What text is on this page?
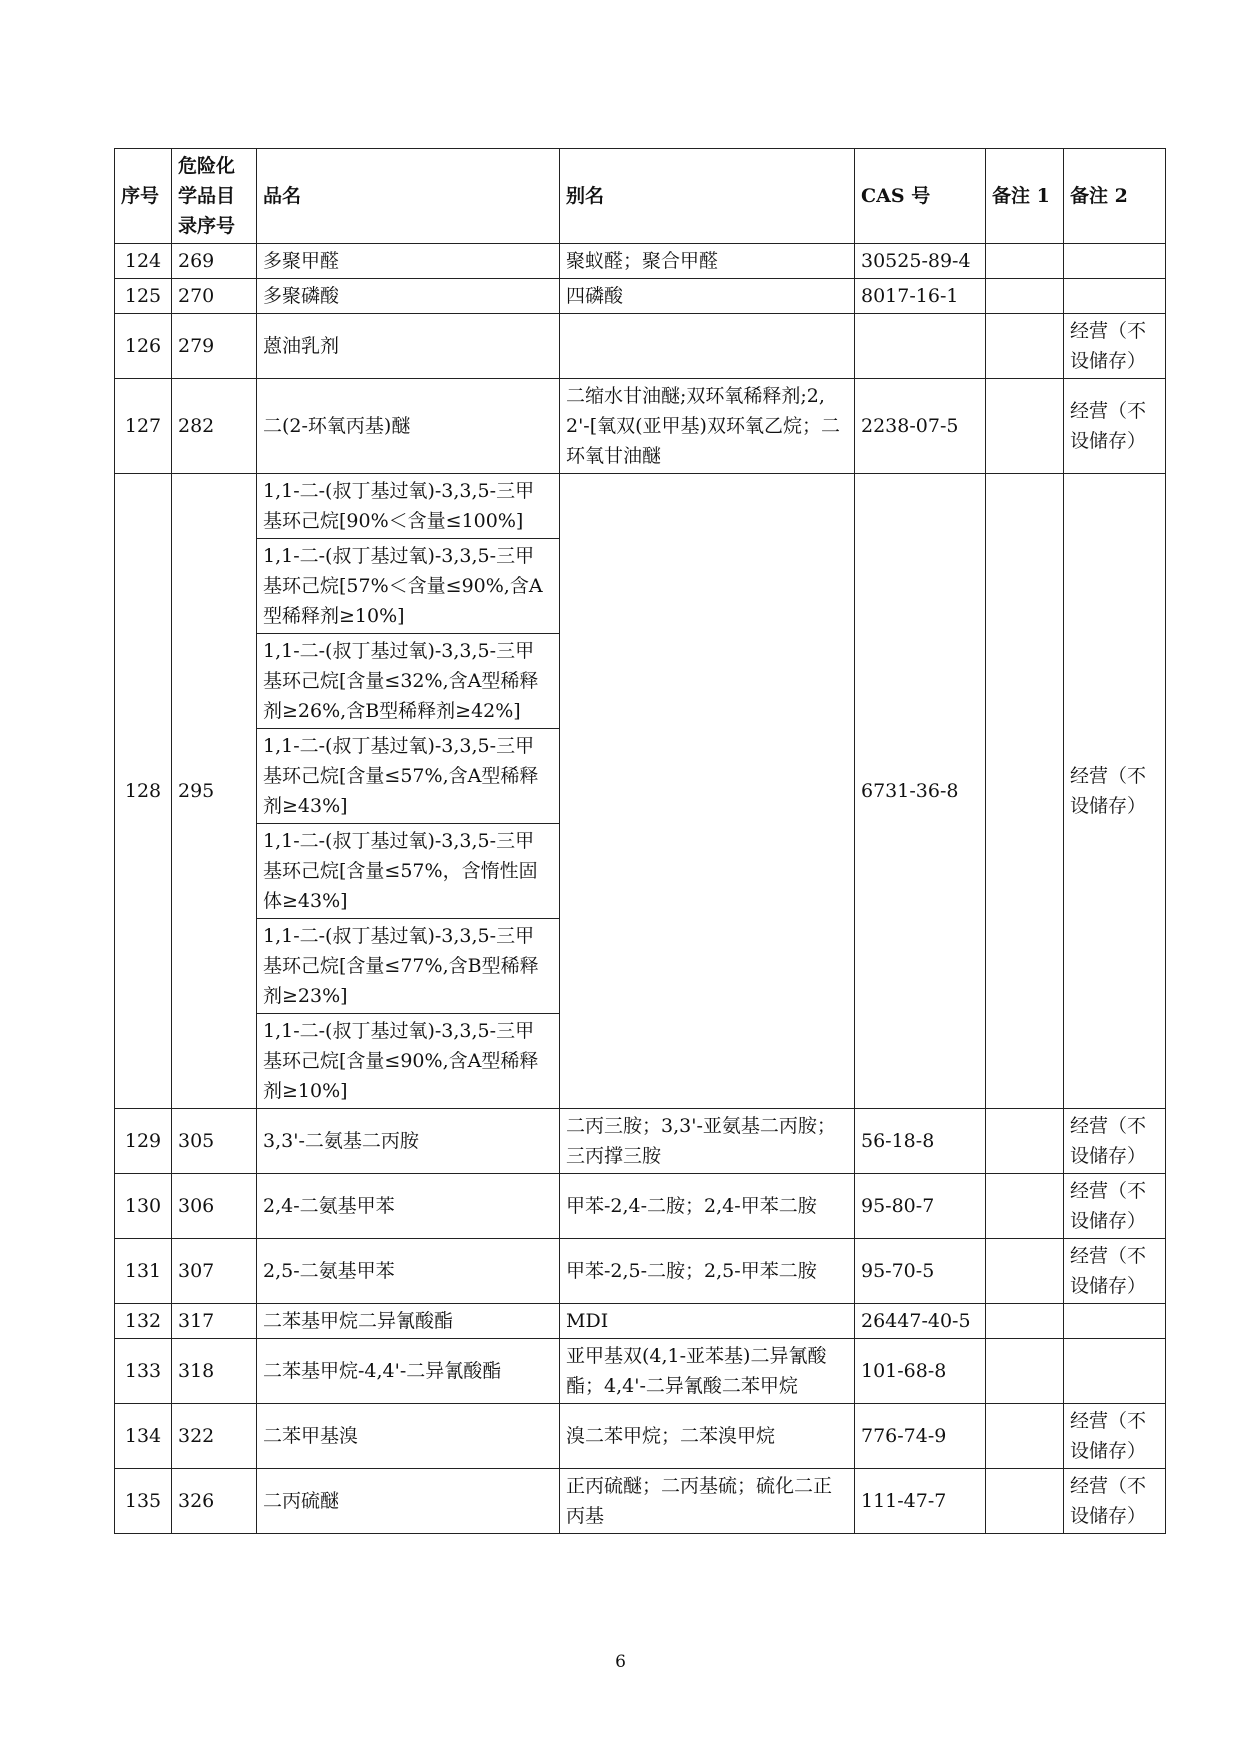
序号	危险化学品目录序号	品名	别名	CAS 号	备注 1	备注 2
124	269	多聚甲醛	聚蚁醛；聚合甲醛	30525-89-4		
125	270	多聚磷酸	四磷酸	8017-16-1		
126	279	蒽油乳剂				经营（不设储存）
127	282	二(2-环氧丙基)醚	二缩水甘油醚;双环氧稀释剂;2,2'-[氧双(亚甲基)双环氧乙烷；二环氧甘油醚	2238-07-5		经营（不设储存）
128	295	1,1-二-(叔丁基过氧)-3,3,5-三甲基环己烷[90%＜含量≤100%]		6731-36-8		经营（不设储存）
		1,1-二-(叔丁基过氧)-3,3,5-三甲基环己烷[57%＜含量≤90%,含A型稀释剂≥10%]				
		1,1-二-(叔丁基过氧)-3,3,5-三甲基环己烷[含量≤32%,含A型稀释剂≥26%,含B型稀释剂≥42%]				
		1,1-二-(叔丁基过氧)-3,3,5-三甲基环己烷[含量≤57%,含A型稀释剂≥43%]				
		1,1-二-(叔丁基过氧)-3,3,5-三甲基环己烷[含量≤57%，含惰性固体≥43%]				
		1,1-二-(叔丁基过氧)-3,3,5-三甲基环己烷[含量≤77%,含B型稀释剂≥23%]				
		1,1-二-(叔丁基过氧)-3,3,5-三甲基环己烷[含量≤90%,含A型稀释剂≥10%]				
129	305	3,3'-二氨基二丙胺	二丙三胺；3,3'-亚氨基二丙胺；三丙撑三胺	56-18-8		经营（不设储存）
130	306	2,4-二氨基甲苯	甲苯-2,4-二胺；2,4-甲苯二胺	95-80-7		经营（不设储存）
131	307	2,5-二氨基甲苯	甲苯-2,5-二胺；2,5-甲苯二胺	95-70-5		经营（不设储存）
132	317	二苯基甲烷二异氰酸酯	MDI	26447-40-5		
133	318	二苯基甲烷-4,4'-二异氰酸酯	亚甲基双(4,1-亚苯基)二异氰酸酯；4,4'-二异氰酸二苯甲烷	101-68-8		
134	322	二苯甲基溴	溴二苯甲烷；二苯溴甲烷	776-74-9		经营（不设储存）
135	326	二丙硫醚	正丙硫醚；二丙基硫；硫化二正丙基	111-47-7		经营（不设储存）
6
